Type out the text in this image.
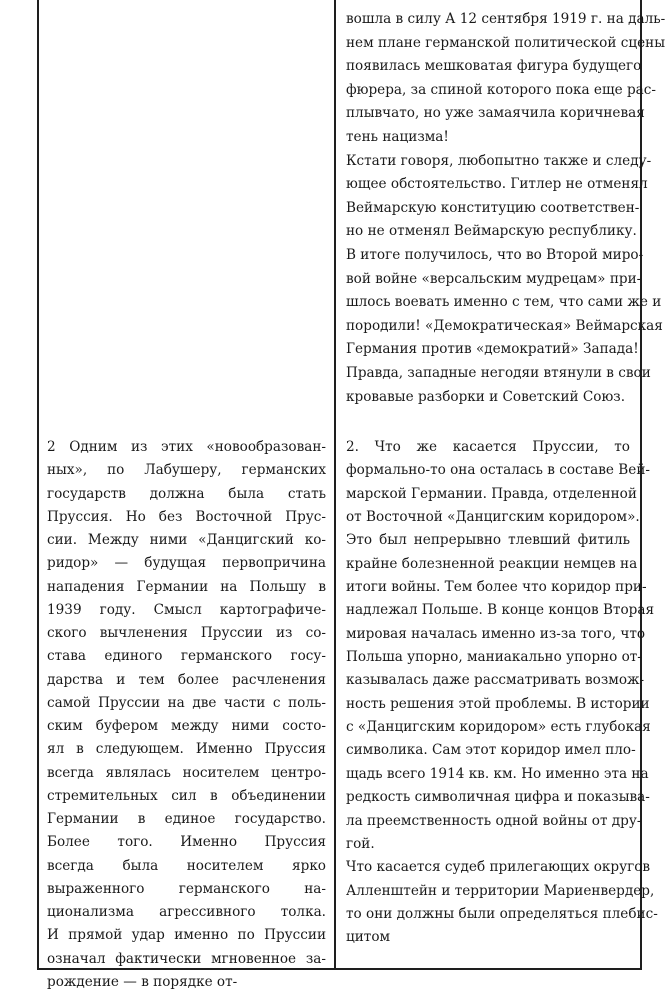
вошла в силу А 12 сентября 1919 г. на даль-
нем плане германской политической сцены
появилась мешковатая фигура будущего
фюрера, за спиной которого пока еще рас-
плывчато, но уже замаячила коричневая
тень нацизма!
Кстати говоря, любопытно также и следу-
ющее обстоятельство. Гитлер не отменял
Веймарскую конституцию соответствен-
но не отменял Веймарскую республику.
В итоге получилось, что во Второй миро-
вой войне «версальским мудрецам» при-
шлось воевать именно с тем, что сами же и
породили! «Демократическая» Веймарская
Германия против «демократий» Запада!
Правда, западные негодяи втянули в свои
кровавые разборки и Советский Союз.
2 Одним из этих «новообразован-
ных», по Лабушеру, германских
государств должна была стать
Пруссия. Но без Восточной Прус-
сии. Между ними «Данцигский ко-
ридор» — будущая первопричина
нападения Германии на Польшу в
1939 году. Смысл картографиче-
ского вычленения Пруссии из со-
става единого германского госу-
дарства и тем более расчленения
самой Пруссии на две части с поль-
ским буфером между ними состо-
ял в следующем. Именно Пруссия
всегда являлась носителем центро-
стремительных сил в объединении
Германии в единое государство.
Более того. Именно Пруссия
всегда была носителем ярко
выраженного германского на-
ционализма агрессивного толка.
И прямой удар именно по Пруссии
означал фактически мгновенное за-
рождение — в порядке от-
2. Что же касается Пруссии, то
формально-то она осталась в составе Вей-
марской Германии. Правда, отделенной
от Восточной «Данцигским коридором».
Это был непрерывно тлевший фитиль
крайне болезненной реакции немцев на
итоги войны. Тем более что коридор при-
надлежал Польше. В конце концов Вторая
мировая началась именно из-за того, что
Польша упорно, маниакально упорно от-
казывалась даже рассматривать возмож-
ность решения этой проблемы. В истории
с «Данцигским коридором» есть глубокая
символика. Сам этот коридор имел пло-
щадь всего 1914 кв. км. Но именно эта на
редкость символичная цифра и показыва-
ла преемственность одной войны от дру-
гой.
Что касается судеб прилегающих округов
Алленштейн и территории Мариенвердер,
то они должны были определяться плебис-
цитом
